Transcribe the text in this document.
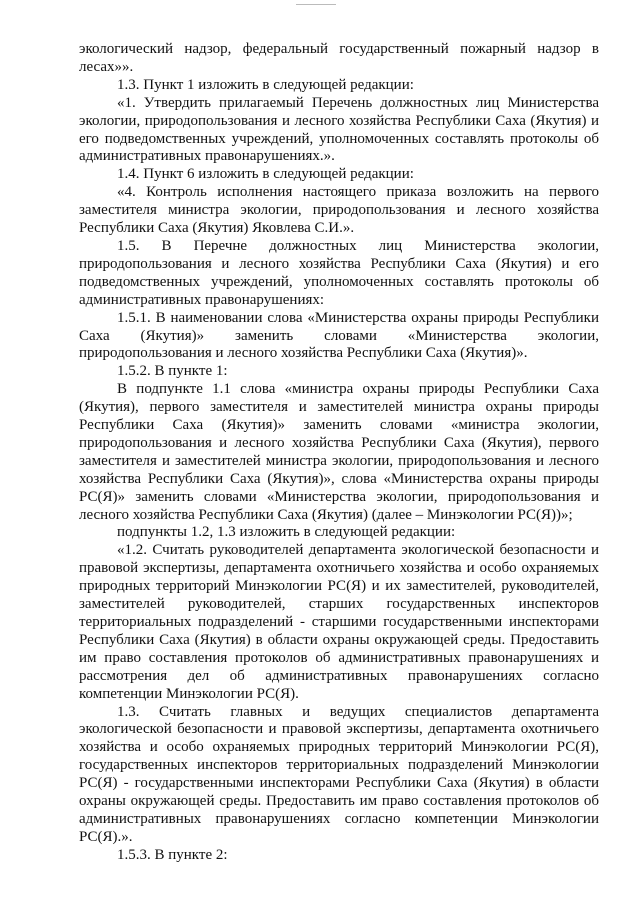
экологический надзор, федеральный государственный пожарный надзор в лесах»».

1.3. Пункт 1 изложить в следующей редакции:

«1. Утвердить прилагаемый Перечень должностных лиц Министерства экологии, природопользования и лесного хозяйства Республики Саха (Якутия) и его подведомственных учреждений, уполномоченных составлять протоколы об административных правонарушениях.».

1.4. Пункт 6 изложить в следующей редакции:

«4. Контроль исполнения настоящего приказа возложить на первого заместителя министра экологии, природопользования и лесного хозяйства Республики Саха (Якутия) Яковлева С.И.».

1.5. В Перечне должностных лиц Министерства экологии, природопользования и лесного хозяйства Республики Саха (Якутия) и его подведомственных учреждений, уполномоченных составлять протоколы об административных правонарушениях:

1.5.1. В наименовании слова «Министерства охраны природы Республики Саха (Якутия)» заменить словами «Министерства экологии, природопользования и лесного хозяйства Республики Саха (Якутия)».

1.5.2. В пункте 1:

В подпункте 1.1 слова «министра охраны природы Республики Саха (Якутия), первого заместителя и заместителей министра охраны природы Республики Саха (Якутия)» заменить словами «министра экологии, природопользования и лесного хозяйства Республики Саха (Якутия), первого заместителя и заместителей министра экологии, природопользования и лесного хозяйства Республики Саха (Якутия)», слова «Министерства охраны природы РС(Я)» заменить словами «Министерства экологии, природопользования и лесного хозяйства Республики Саха (Якутия) (далее – Минэкологии РС(Я))»;

подпункты 1.2, 1.3 изложить в следующей редакции:

«1.2. Считать руководителей департамента экологической безопасности и правовой экспертизы, департамента охотничьего хозяйства и особо охраняемых природных территорий Минэкологии РС(Я) и их заместителей, руководителей, заместителей руководителей, старших государственных инспекторов территориальных подразделений - старшими государственными инспекторами Республики Саха (Якутия) в области охраны окружающей среды. Предоставить им право составления протоколов об административных правонарушениях и рассмотрения дел об административных правонарушениях согласно компетенции Минэкологии РС(Я).

1.3. Считать главных и ведущих специалистов департамента экологической безопасности и правовой экспертизы, департамента охотничьего хозяйства и особо охраняемых природных территорий Минэкологии РС(Я), государственных инспекторов территориальных подразделений Минэкологии РС(Я) - государственными инспекторами Республики Саха (Якутия) в области охраны окружающей среды. Предоставить им право составления протоколов об административных правонарушениях согласно компетенции Минэкологии РС(Я).».

1.5.3. В пункте 2:
